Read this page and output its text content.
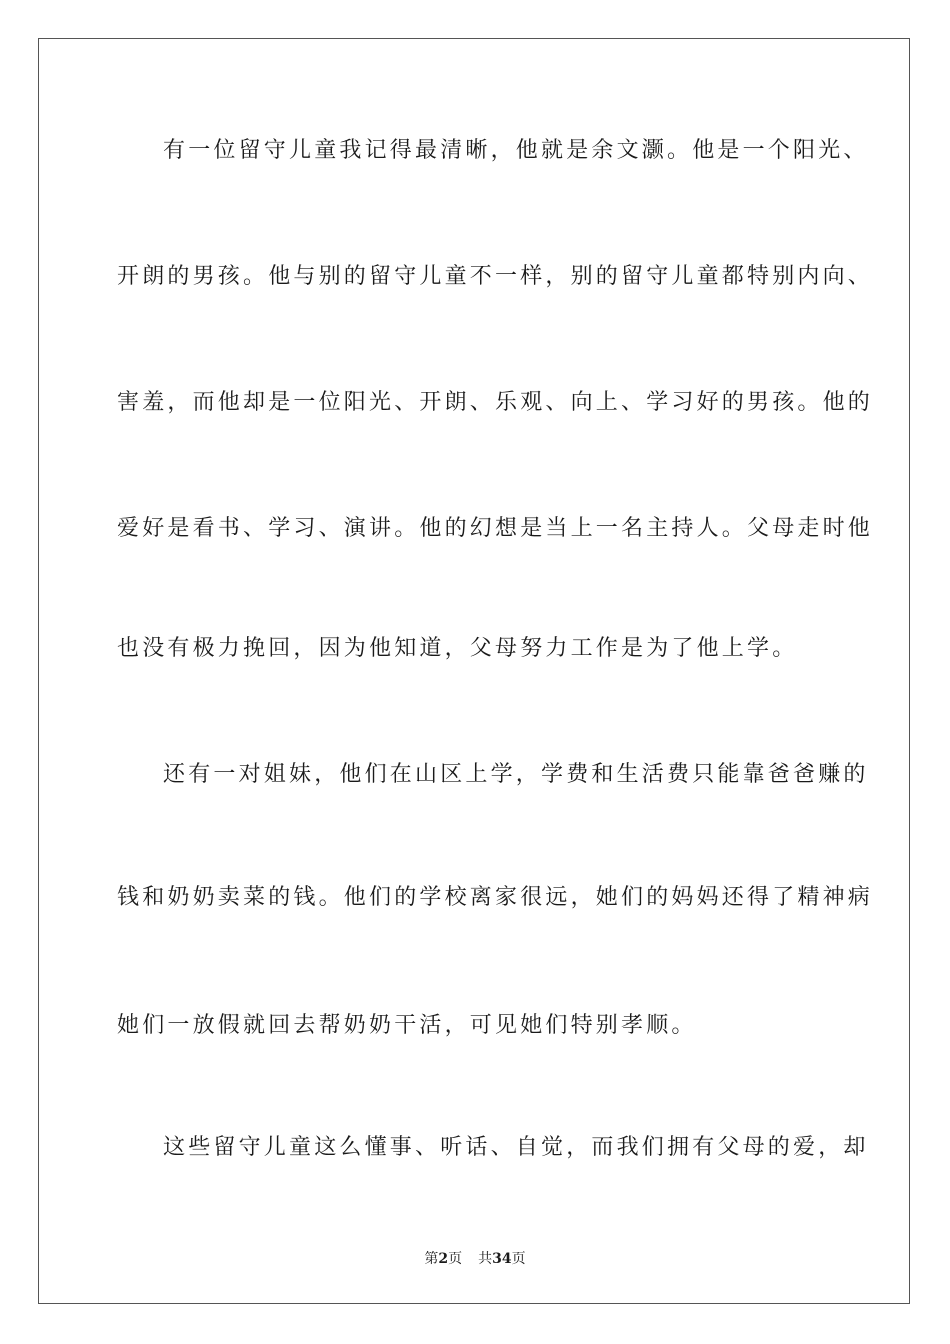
有一位留守儿童我记得最清晰，他就是余文灏。他是一个阳光、
开朗的男孩。他与别的留守儿童不一样，别的留守儿童都特别内向、
害羞，而他却是一位阳光、开朗、乐观、向上、学习好的男孩。他的
爱好是看书、学习、演讲。他的幻想是当上一名主持人。父母走时他
也没有极力挽回，因为他知道，父母努力工作是为了他上学。
还有一对姐妹，他们在山区上学，学费和生活费只能靠爸爸赚的
钱和奶奶卖菜的钱。他们的学校离家很远，她们的妈妈还得了精神病
她们一放假就回去帮奶奶干活，可见她们特别孝顺。
这些留守儿童这么懂事、听话、自觉，而我们拥有父母的爱，却
第2页 共34页
